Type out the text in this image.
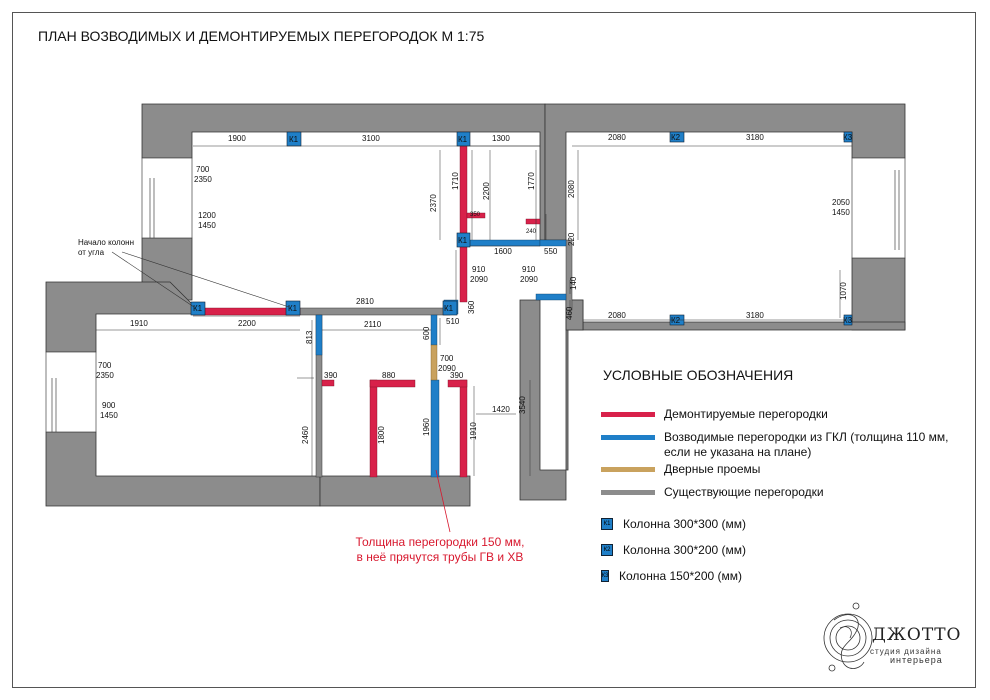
ПЛАН ВОЗВОДИМЫХ И ДЕМОНТИРУЕМЫХ ПЕРЕГОРОДОК М 1:75
К1	К1
К1
К1	К1	К1
К2
К2
К3
К3
1900	3100	1300	2080	3180
700
2350
1200
1450
1710
2200
1770
2370
2080
350
240
1600	550
220
2050
1450
910
2090
910
2090	140	1070
460
2810	360
510
2080	3180
1910	2200	2110
600
813
700
2090
390	880	390
1420 3540
1800	1960	1910
2460
700
2350
900
1450
Начало колонн
от угла
УСЛОВНЫЕ ОБОЗНАЧЕНИЯ
Демонтируемые перегородки
Возводимые перегородки из ГКЛ (толщина 110 мм, если не указана на плане)
Дверные проемы
Существующие перегородки
К1 Колонна 300*300 (мм)
К2 Колонна 300*200 (мм)
К3 Колонна 150*200 (мм)
Толщина перегородки 150 мм,
в неё прячутся трубы ГВ и ХВ
ДЖОТТО
студия дизайна
интерьера
